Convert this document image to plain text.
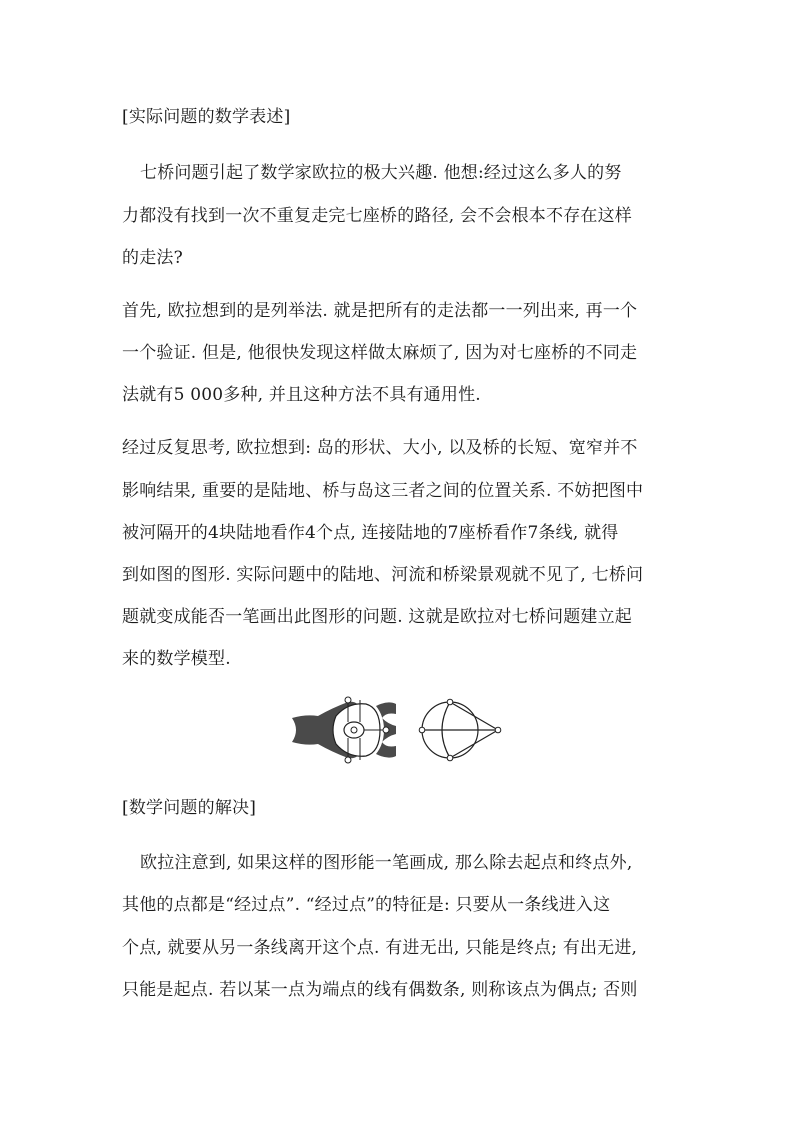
[实际问题的数学表述]

七桥问题引起了数学家欧拉的极大兴趣. 他想:经过这么多人的努

力都没有找到一次不重复走完七座桥的路径, 会不会根本不存在这样

的走法?

首先, 欧拉想到的是列举法. 就是把所有的走法都一一列出来, 再一个

一个验证. 但是, 他很快发现这样做太麻烦了, 因为对七座桥的不同走

法就有5 000多种, 并且这种方法不具有通用性.

经过反复思考, 欧拉想到: 岛的形状、大小, 以及桥的长短、宽窄并不

影响结果, 重要的是陆地、桥与岛这三者之间的位置关系. 不妨把图中

被河隔开的4块陆地看作4个点, 连接陆地的7座桥看作7条线, 就得

到如图的图形. 实际问题中的陆地、河流和桥梁景观就不见了, 七桥问

题就变成能否一笔画出此图形的问题. 这就是欧拉对七桥问题建立起

来的数学模型.

[数学问题的解决]

欧拉注意到, 如果这样的图形能一笔画成, 那么除去起点和终点外,

其他的点都是“经过点”. “经过点”的特征是: 只要从一条线进入这

个点, 就要从另一条线离开这个点. 有进无出, 只能是终点; 有出无进,

只能是起点. 若以某一点为端点的线有偶数条, 则称该点为偶点; 否则
